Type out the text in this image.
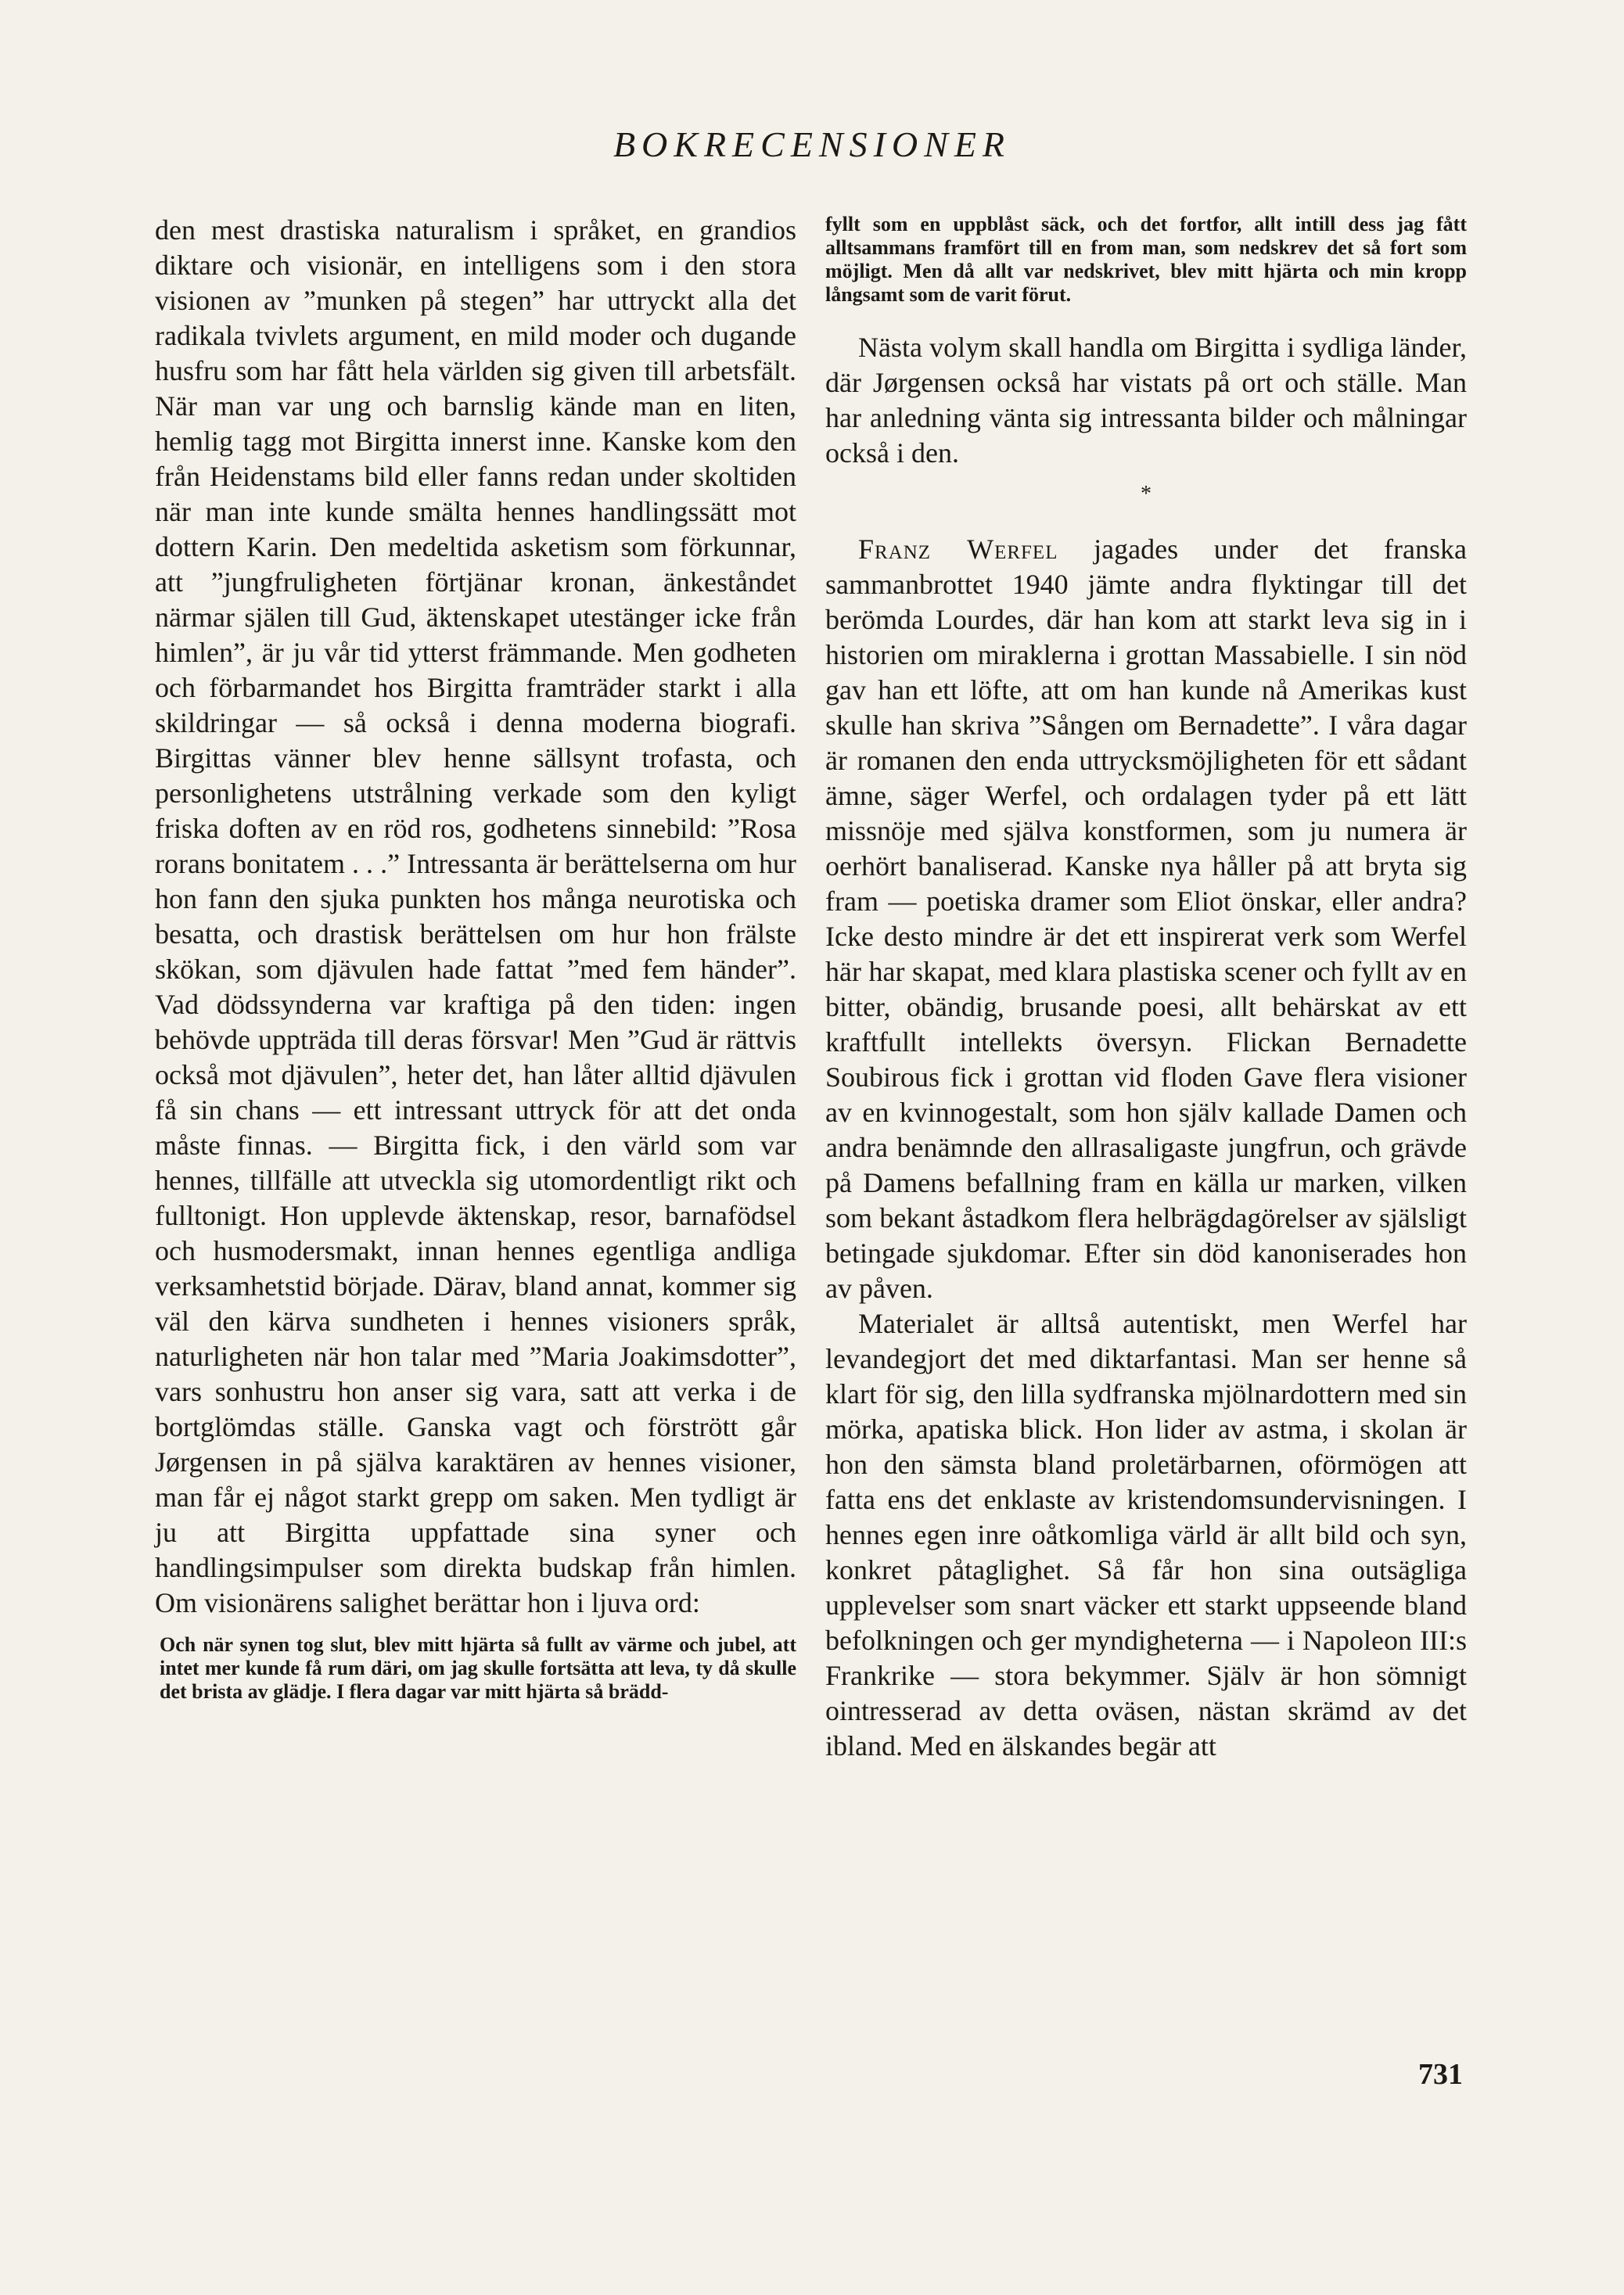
BOKRECENSIONER

den mest drastiska naturalism i språket, en grandios diktare och visionär, en intelligens som i den stora visionen av ”munken på stegen” har uttryckt alla det radikala tvivlets argument, en mild moder och dugande husfru som har fått hela världen sig given till arbetsfält. När man var ung och barnslig kände man en liten, hemlig tagg mot Birgitta innerst inne. Kanske kom den från Heidenstams bild eller fanns redan under skoltiden när man inte kunde smälta hennes handlingssätt mot dottern Karin. Den medeltida asketism som förkunnar, att ”jungfruligheten förtjänar kronan, änkeståndet närmar själen till Gud, äktenskapet utestänger icke från himlen”, är ju vår tid ytterst främmande. Men godheten och förbarmandet hos Birgitta framträder starkt i alla skildringar — så också i denna moderna biografi. Birgittas vänner blev henne sällsynt trofasta, och personlighetens utstrålning verkade som den kyligt friska doften av en röd ros, godhetens sinnebild: ”Rosa rorans bonitatem . . .” Intressanta är berättelserna om hur hon fann den sjuka punkten hos många neurotiska och besatta, och drastisk berättelsen om hur hon frälste skökan, som djävulen hade fattat ”med fem händer”. Vad dödssynderna var kraftiga på den tiden: ingen behövde uppträda till deras försvar! Men ”Gud är rättvis också mot djävulen”, heter det, han låter alltid djävulen få sin chans — ett intressant uttryck för att det onda måste finnas. — Birgitta fick, i den värld som var hennes, tillfälle att utveckla sig utomordentligt rikt och fulltonigt. Hon upplevde äktenskap, resor, barnafödsel och husmodersmakt, innan hennes egentliga andliga verksamhetstid började. Därav, bland annat, kommer sig väl den kärva sundheten i hennes visioners språk, naturligheten när hon talar med ”Maria Joakimsdotter”, vars sonhustru hon anser sig vara, satt att verka i de bortglömdas ställe. Ganska vagt och förstrött går Jørgensen in på själva karaktären av hennes visioner, man får ej något starkt grepp om saken. Men tydligt är ju att Birgitta uppfattade sina syner och handlingsimpulser som direkta budskap från himlen. Om visionärens salighet berättar hon i ljuva ord:

Och när synen tog slut, blev mitt hjärta så fullt av värme och jubel, att intet mer kunde få rum däri, om jag skulle fortsätta att leva, ty då skulle det brista av glädje. I flera dagar var mitt hjärta så brädd-

fyllt som en uppblåst säck, och det fortfor, allt intill dess jag fått alltsammans framfört till en from man, som nedskrev det så fort som möjligt. Men då allt var nedskrivet, blev mitt hjärta och min kropp långsamt som de varit förut.

Nästa volym skall handla om Birgitta i sydliga länder, där Jørgensen också har vistats på ort och ställe. Man har anledning vänta sig intressanta bilder och målningar också i den.

*

Franz Werfel jagades under det franska sammanbrottet 1940 jämte andra flyktingar till det berömda Lourdes, där han kom att starkt leva sig in i historien om miraklerna i grottan Massabielle. I sin nöd gav han ett löfte, att om han kunde nå Amerikas kust skulle han skriva ”Sången om Bernadette”. I våra dagar är romanen den enda uttrycksmöjligheten för ett sådant ämne, säger Werfel, och ordalagen tyder på ett lätt missnöje med själva konstformen, som ju numera är oerhört banaliserad. Kanske nya håller på att bryta sig fram — poetiska dramer som Eliot önskar, eller andra? Icke desto mindre är det ett inspirerat verk som Werfel här har skapat, med klara plastiska scener och fyllt av en bitter, obändig, brusande poesi, allt behärskat av ett kraftfullt intellekts översyn. Flickan Bernadette Soubirous fick i grottan vid floden Gave flera visioner av en kvinnogestalt, som hon själv kallade Damen och andra benämnde den allrasaligaste jungfrun, och grävde på Damens befallning fram en källa ur marken, vilken som bekant åstadkom flera helbrägdagörelser av själsligt betingade sjukdomar. Efter sin död kanoniserades hon av påven.

Materialet är alltså autentiskt, men Werfel har levandegjort det med diktarfantasi. Man ser henne så klart för sig, den lilla sydfranska mjölnardottern med sin mörka, apatiska blick. Hon lider av astma, i skolan är hon den sämsta bland proletärbarnen, oförmögen att fatta ens det enklaste av kristendomsundervisningen. I hennes egen inre oåtkomliga värld är allt bild och syn, konkret påtaglighet. Så får hon sina outsägliga upplevelser som snart väcker ett starkt uppseende bland befolkningen och ger myndigheterna — i Napoleon III:s Frankrike — stora bekymmer. Själv är hon sömnigt ointresserad av detta oväsen, nästan skrämd av det ibland. Med en älskandes begär att

731
